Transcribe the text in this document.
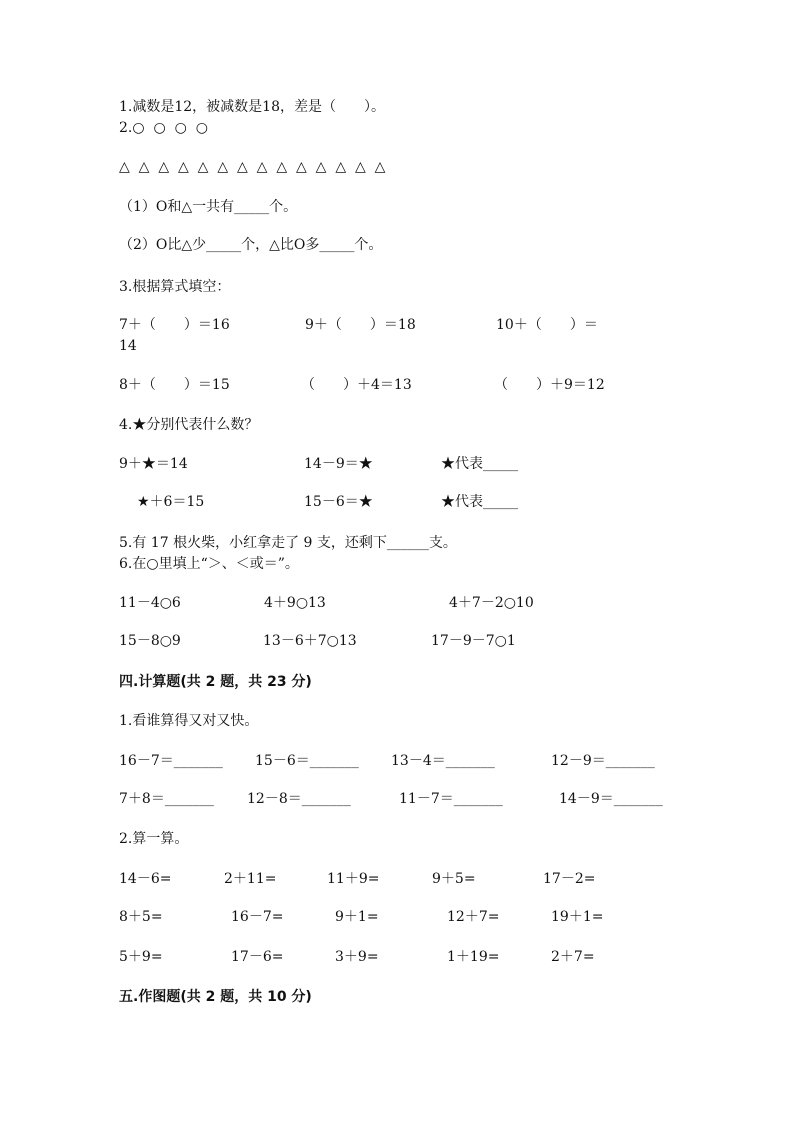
1.减数是12，被减数是18，差是（　　）。
2.○  ○  ○  ○
△  △  △  △  △  △  △  △  △  △  △  △  △  △
（1）O和△一共有_____个。
（2）O比△少_____个，△比O多_____个。
3.根据算式填空：
7＋（　　）＝16	9＋（　　）＝18	10＋（　　）＝
14
8＋（　　）＝15	（　　）＋4＝13	（　　）＋9＝12
4.★分别代表什么数？
9＋★＝14	14－9＝★	★代表_____
★＋6＝15	15－6＝★	★代表_____
5.有 17 根火柴，小红拿走了 9 支，还剩下______支。
6.在○里填上“＞、＜或＝”。
11－4○6	4＋9○13	4＋7－2○10
15－8○9	13－6＋7○13	17－9－7○1
四.计算题(共 2 题，共 23 分)
1.看谁算得又对又快。
16－7＝_______ 15－6＝_______ 13－4＝_______	12－9＝_______
7＋8＝_______ 12－8＝_______	11－7＝_______	14－9＝_______
2.算一算。
14－6=	2＋11=	11＋9=	9＋5=	17－2=
8＋5=	16－7=	9＋1=	12＋7=	19＋1=
5＋9=	17－6=	3＋9=	1＋19=	2＋7=
五.作图题(共 2 题，共 10 分)
